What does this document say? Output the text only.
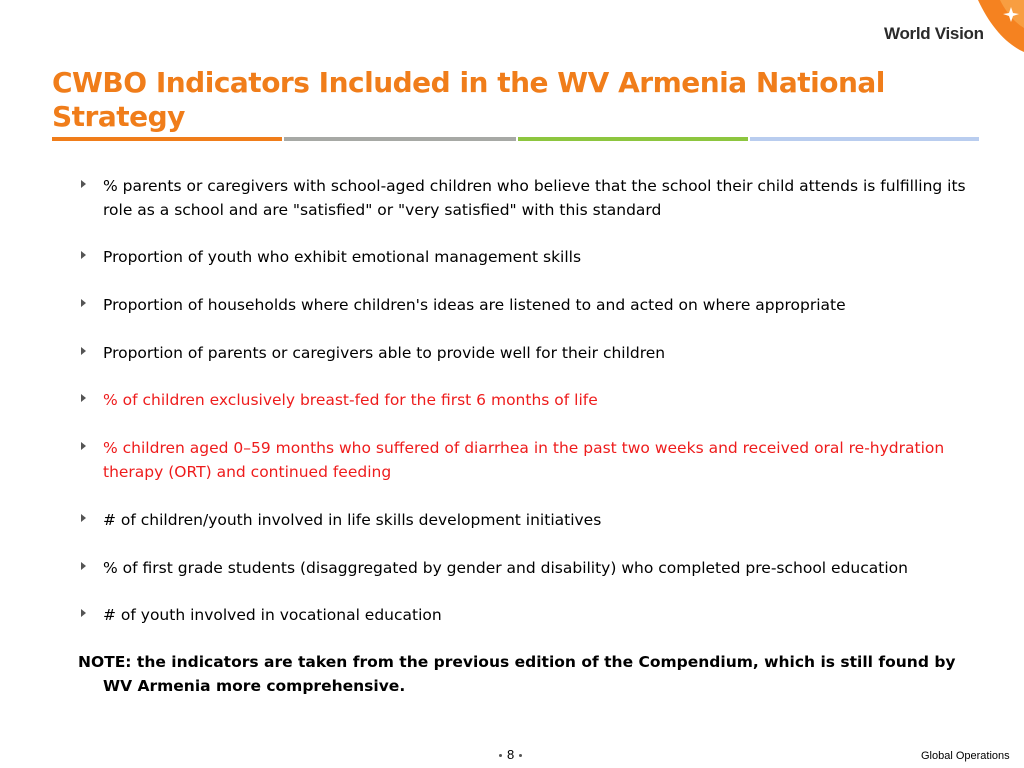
World Vision
CWBO Indicators Included in the WV Armenia National Strategy
% parents or caregivers with school-aged children who believe that the school their child attends is fulfilling its role as a school and are "satisfied" or "very satisfied" with this standard
Proportion of youth who exhibit emotional management skills
Proportion of households where children's ideas are listened to and acted on where appropriate
Proportion of parents or caregivers able to provide well for their children
% of children exclusively breast-fed for the first 6 months of life
% children aged 0–59 months who suffered of diarrhea in the past two weeks and received oral re-hydration therapy (ORT) and continued feeding
# of children/youth involved in life skills development initiatives
% of first grade students (disaggregated by gender and disability) who completed pre-school education
# of youth involved in vocational education
NOTE: the indicators are taken from the previous edition of the Compendium, which is still found by WV Armenia more comprehensive.
8	Global Operations
